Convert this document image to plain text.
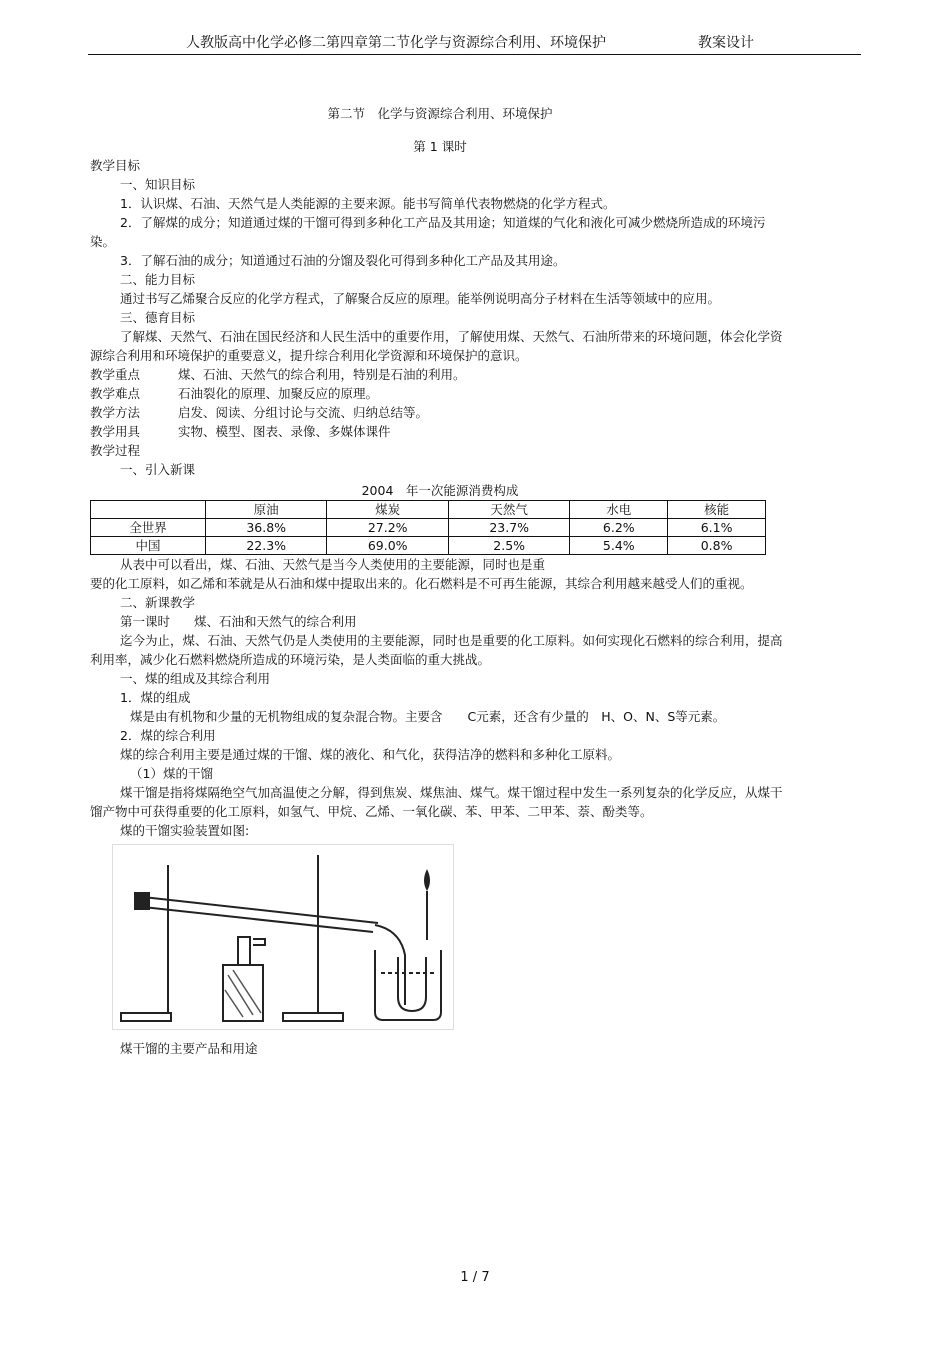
人教版高中化学必修二第四章第二节化学与资源综合利用、环境保护	教案设计

第二节　化学与资源综合利用、环境保护

第 1 课时

教学目标

一、知识目标

1．认识煤、石油、天然气是人类能源的主要来源。能书写简单代表物燃烧的化学方程式。

2．了解煤的成分；知道通过煤的干馏可得到多种化工产品及其用途；知道煤的气化和液化可减少燃烧所造成的环境污染。

3．了解石油的成分；知道通过石油的分馏及裂化可得到多种化工产品及其用途。

二、能力目标

通过书写乙烯聚合反应的化学方程式，了解聚合反应的原理。能举例说明高分子材料在生活等领域中的应用。

三、德育目标

了解煤、天然气、石油在国民经济和人民生活中的重要作用，了解使用煤、天然气、石油所带来的环境问题，体会化学资源综合利用和环境保护的重要意义，提升综合利用化学资源和环境保护的意识。

教学重点	煤、石油、天然气的综合利用，特别是石油的利用。
教学难点	石油裂化的原理、加聚反应的原理。
教学方法	启发、阅读、分组讨论与交流、归纳总结等。
教学用具	实物、模型、图表、录像、多媒体课件

教学过程

一、引入新课

2004　年一次能源消费构成

	原油	煤炭	天然气	水电	核能
全世界	36.8%	27.2%	23.7%	6.2%	6.1%
中国	22.3%	69.0%	2.5%	5.4%	0.8%

从表中可以看出，煤、石油、天然气是当今人类使用的主要能源，同时也是重

要的化工原料，如乙烯和苯就是从石油和煤中提取出来的。化石燃料是不可再生能源，其综合利用越来越受人们的重视。

二、新课教学

第一课时	煤、石油和天然气的综合利用

迄今为止，煤、石油、天然气仍是人类使用的主要能源，同时也是重要的化工原料。如何实现化石燃料的综合利用，提高利用率，减少化石燃料燃烧所造成的环境污染，是人类面临的重大挑战。

一、煤的组成及其综合利用

1．煤的组成

煤是由有机物和少量的无机物组成的复杂混合物。主要含　　C元素，还含有少量的　H、O、N、S等元素。

2．煤的综合利用

煤的综合利用主要是通过煤的干馏、煤的液化、和气化，获得洁净的燃料和多种化工原料。

（1）煤的干馏

煤干馏是指将煤隔绝空气加高温使之分解，得到焦炭、煤焦油、煤气。煤干馏过程中发生一系列复杂的化学反应，从煤干馏产物中可获得重要的化工原料，如氢气、甲烷、乙烯、一氧化碳、苯、甲苯、二甲苯、萘、酚类等。

煤的干馏实验装置如图:

煤干馏的主要产品和用途

1 / 7
